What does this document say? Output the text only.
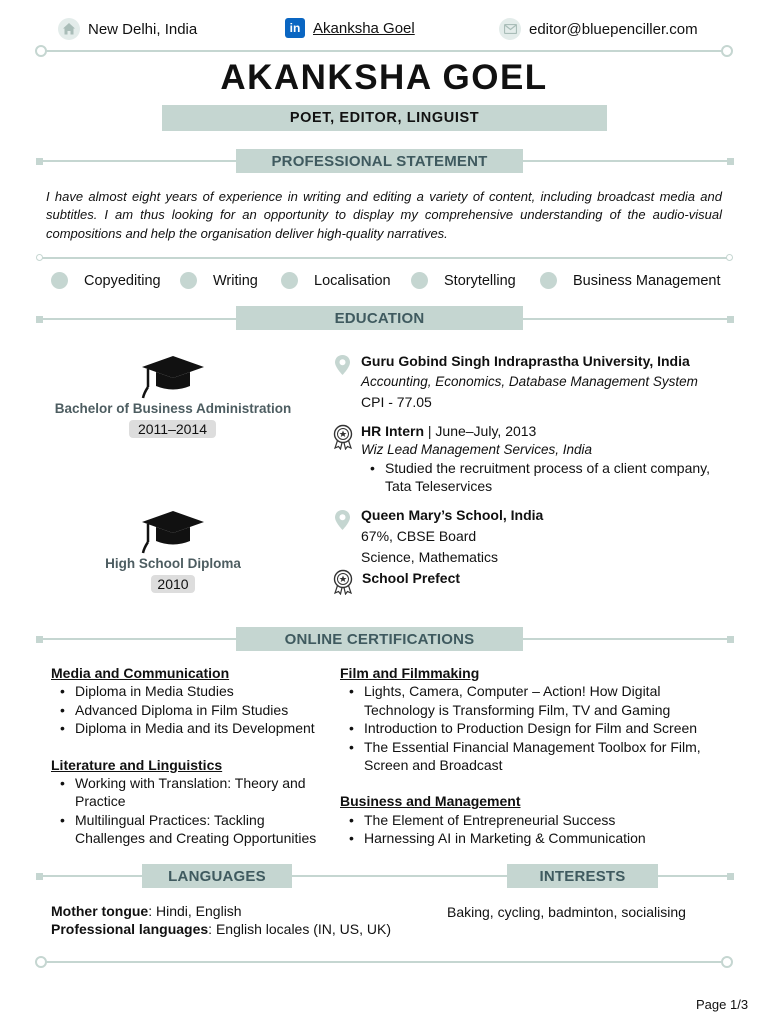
New Delhi, India	in Akanksha Goel	editor@bluepenciller.com
AKANKSHA GOEL
POET, EDITOR, LINGUIST
PROFESSIONAL STATEMENT
I have almost eight years of experience in writing and editing a variety of content, including broadcast media and subtitles. I am thus looking for an opportunity to display my comprehensive understanding of the audio-visual compositions and help the organisation deliver high-quality narratives.
Copyediting	Writing	Localisation	Storytelling	Business Management
EDUCATION
Bachelor of Business Administration
2011–2014
Guru Gobind Singh Indraprastha University, India
Accounting, Economics, Database Management System
CPI - 77.05
HR Intern | June–July, 2013
Wiz Lead Management Services, India
• Studied the recruitment process of a client company,
Tata Teleservices
High School Diploma
2010
Queen Mary’s School, India
67%, CBSE Board
Science, Mathematics
School Prefect
ONLINE CERTIFICATIONS
Media and Communication
• Diploma in Media Studies
• Advanced Diploma in Film Studies
• Diploma in Media and its Development
Literature and Linguistics
• Working with Translation: Theory and Practice
• Multilingual Practices: Tackling Challenges and Creating Opportunities
Film and Filmmaking
• Lights, Camera, Computer – Action! How Digital Technology is Transforming Film, TV and Gaming
• Introduction to Production Design for Film and Screen
• The Essential Financial Management Toolbox for Film, Screen and Broadcast
Business and Management
• The Element of Entrepreneurial Success
• Harnessing AI in Marketing & Communication
LANGUAGES	INTERESTS
Mother tongue: Hindi, English
Professional languages: English locales (IN, US, UK)
Baking, cycling, badminton, socialising
Page 1/3
